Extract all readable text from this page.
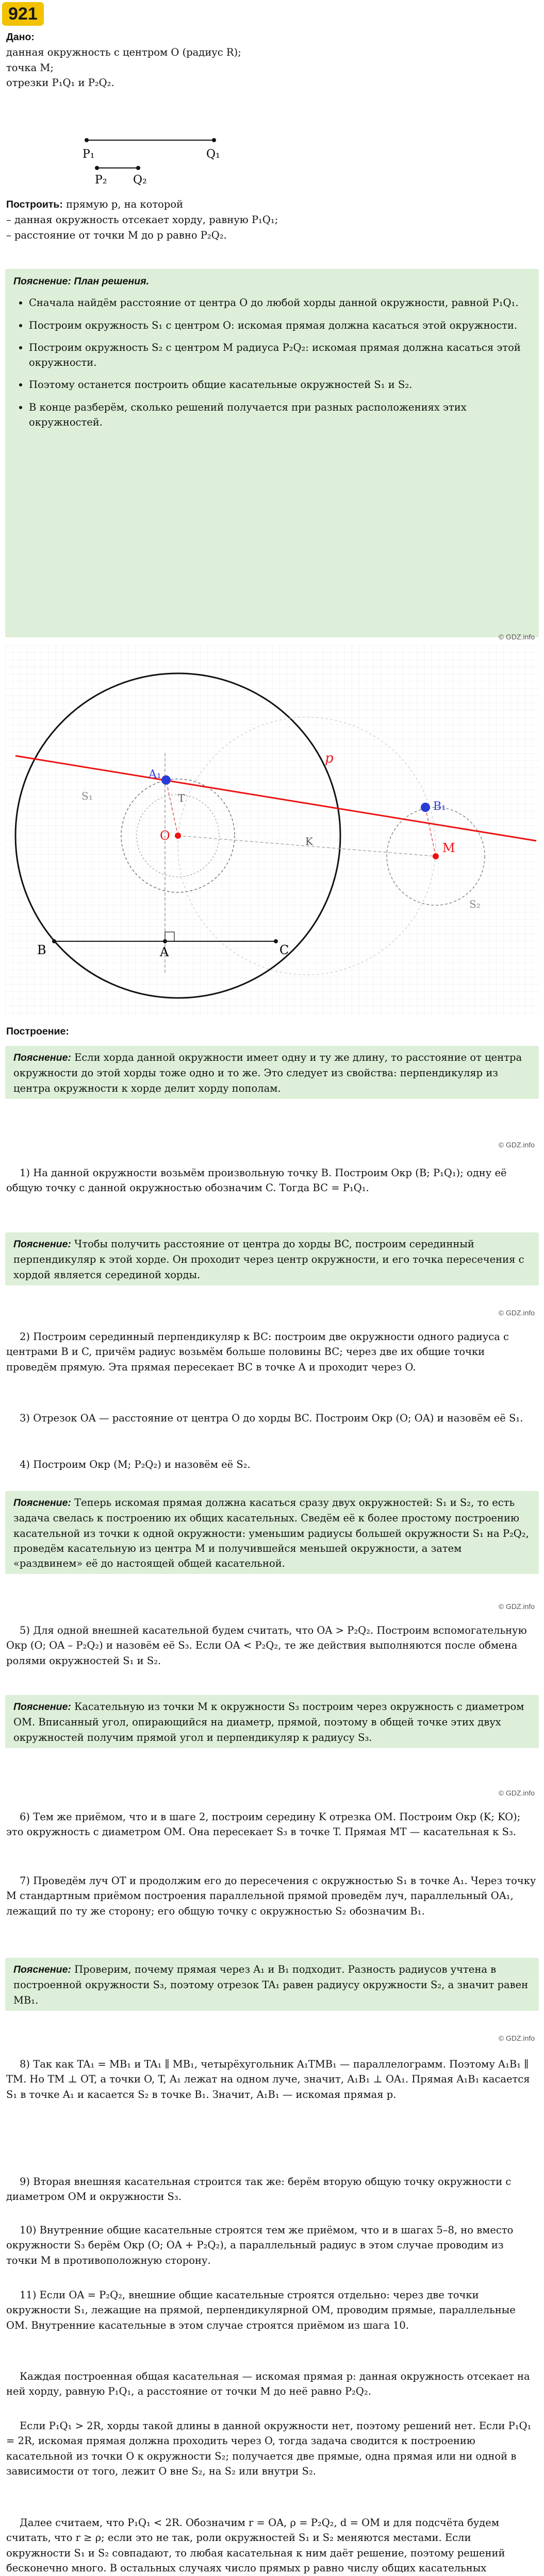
921
Дано:
данная окружность с центром O (радиус R);
точка M;
отрезки P₁Q₁ и P₂Q₂.
P₁	Q₁
P₂ Q₂
Построить: прямую p, на которой
– данная окружность отсекает хорду, равную P₁Q₁;
– расстояние от точки M до p равно P₂Q₂.
Пояснение: План решения.
• Сначала найдём расстояние от центра O до любой хорды данной окружности, равной P₁Q₁.
• Построим окружность S₁ с центром O: искомая прямая должна касаться этой окружности.
• Построим окружность S₂ с центром M радиуса P₂Q₂: искомая прямая должна касаться этой окружности.
• Поэтому останется построить общие касательные окружностей S₁ и S₂.
• В конце разберём, сколько решений получается при разных расположениях этих окружностей.
© GDZ.info
A₁
B₁
O
M
B	A	C
K
T
p
S₁
S₂
Построение:
Пояснение: Если хорда данной окружности имеет одну и ту же длину, то расстояние от центра окружности до этой хорды тоже одно и то же. Это следует из свойства: перпендикуляр из центра окружности к хорде делит хорду пополам.
© GDZ.info
1) На данной окружности возьмём произвольную точку B. Построим Окр (B; P₁Q₁); одну её общую точку с данной окружностью обозначим C. Тогда BC = P₁Q₁.
Пояснение: Чтобы получить расстояние от центра до хорды BC, построим серединный перпендикуляр к этой хорде. Он проходит через центр окружности, и его точка пересечения с хордой является серединой хорды.
© GDZ.info
2) Построим серединный перпендикуляр к BC: построим две окружности одного радиуса с центрами B и C, причём радиус возьмём больше половины BC; через две их общие точки проведём прямую. Эта прямая пересекает BC в точке A и проходит через O.
3) Отрезок OA — расстояние от центра O до хорды BC. Построим Окр (O; OA) и назовём её S₁.
4) Построим Окр (M; P₂Q₂) и назовём её S₂.
Пояснение: Теперь искомая прямая должна касаться сразу двух окружностей: S₁ и S₂, то есть задача свелась к построению их общих касательных. Сведём её к более простому построению касательной из точки к одной окружности: уменьшим радиусы большей окружности S₁ на P₂Q₂, проведём касательную из центра M и получившейся меньшей окружности, а затем «раздвинем» её до настоящей общей касательной.
© GDZ.info
5) Для одной внешней касательной будем считать, что OA > P₂Q₂. Построим вспомогательную Окр (O; OA – P₂Q₂) и назовём её S₃. Если OA < P₂Q₂, те же действия выполняются после обмена ролями окружностей S₁ и S₂.
Пояснение: Касательную из точки M к окружности S₃ построим через окружность с диаметром OM. Вписанный угол, опирающийся на диаметр, прямой, поэтому в общей точке этих двух окружностей получим прямой угол и перпендикуляр к радиусу S₃.
© GDZ.info
6) Тем же приёмом, что и в шаге 2, построим середину K отрезка OM. Построим Окр (K; KO); это окружность с диаметром OM. Она пересекает S₃ в точке T. Прямая MT — касательная к S₃.
7) Проведём луч OT и продолжим его до пересечения с окружностью S₁ в точке A₁. Через точку M стандартным приёмом построения параллельной прямой проведём луч, параллельный OA₁, лежащий по ту же сторону; его общую точку с окружностью S₂ обозначим B₁.
Пояснение: Проверим, почему прямая через A₁ и B₁ подходит. Разность радиусов учтена в построенной окружности S₃, поэтому отрезок TA₁ равен радиусу окружности S₂, а значит равен MB₁.
© GDZ.info
8) Так как TA₁ = MB₁ и TA₁ ∥ MB₁, четырёхугольник A₁TMB₁ — параллелограмм. Поэтому A₁B₁ ∥ TM. Но TM ⊥ OT, а точки O, T, A₁ лежат на одном луче, значит, A₁B₁ ⊥ OA₁. Прямая A₁B₁ касается S₁ в точке A₁ и касается S₂ в точке B₁. Значит, A₁B₁ — искомая прямая p.
9) Вторая внешняя касательная строится так же: берём вторую общую точку окружности с диаметром OM и окружности S₃.
10) Внутренние общие касательные строятся тем же приёмом, что и в шагах 5–8, но вместо окружности S₃ берём Окр (O; OA + P₂Q₂), а параллельный радиус в этом случае проводим из точки M в противоположную сторону.
11) Если OA = P₂Q₂, внешние общие касательные строятся отдельно: через две точки окружности S₁, лежащие на прямой, перпендикулярной OM, проводим прямые, параллельные OM. Внутренние касательные в этом случае строятся приёмом из шага 10.
Каждая построенная общая касательная — искомая прямая p: данная окружность отсекает на ней хорду, равную P₁Q₁, а расстояние от точки M до неё равно P₂Q₂.
Если P₁Q₁ > 2R, хорды такой длины в данной окружности нет, поэтому решений нет. Если P₁Q₁ = 2R, искомая прямая должна проходить через O, тогда задача сводится к построению касательной из точки O к окружности S₂; получается две прямые, одна прямая или ни одной в зависимости от того, лежит O вне S₂, на S₂ или внутри S₂.
Далее считаем, что P₁Q₁ < 2R. Обозначим r = OA, ρ = P₂Q₂, d = OM и для подсчёта будем считать, что r ≥ ρ; если это не так, роли окружностей S₁ и S₂ меняются местами. Если окружности S₁ и S₂ совпадают, то любая касательная к ним даёт решение, поэтому решений бесконечно много. В остальных случаях число прямых p равно числу общих касательных
